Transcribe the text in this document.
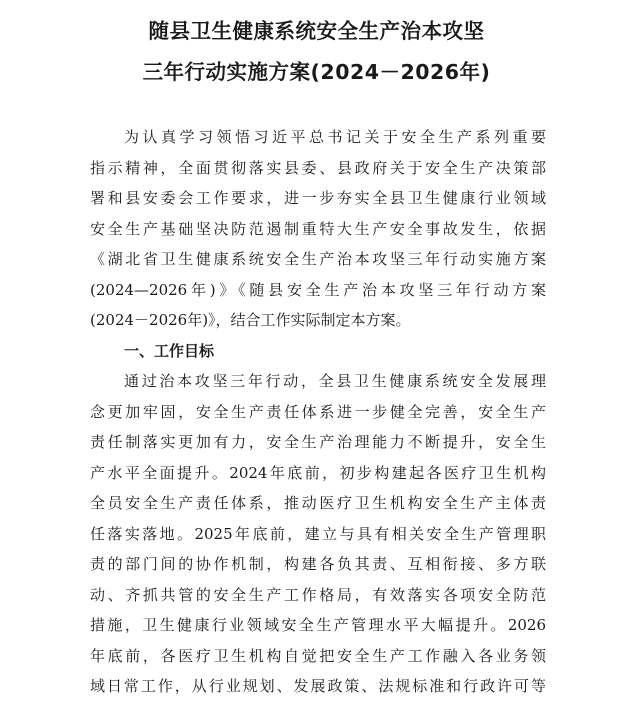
随县卫生健康系统安全生产治本攻坚
三年行动实施方案(2024－2026年)
为认真学习领悟习近平总书记关于安全生产系列重要
指示精神，全面贯彻落实县委、县政府关于安全生产决策部
署和县安委会工作要求，进一步夯实全县卫生健康行业领域
安全生产基础坚决防范遏制重特大生产安全事故发生，依据
《湖北省卫生健康系统安全生产治本攻坚三年行动实施方案
(2024—2026年)》《随县安全生产治本攻坚三年行动方案
(2024－2026年)》，结合工作实际制定本方案。
一、工作目标
通过治本攻坚三年行动，全县卫生健康系统安全发展理
念更加牢固，安全生产责任体系进一步健全完善，安全生产
责任制落实更加有力，安全生产治理能力不断提升，安全生
产水平全面提升。2024年底前，初步构建起各医疗卫生机构
全员安全生产责任体系，推动医疗卫生机构安全生产主体责
任落实落地。2025年底前，建立与具有相关安全生产管理职
责的部门间的协作机制，构建各负其责、互相衔接、多方联
动、齐抓共管的安全生产工作格局，有效落实各项安全防范
措施，卫生健康行业领域安全生产管理水平大幅提升。2026
年底前，各医疗卫生机构自觉把安全生产工作融入各业务领
域日常工作，从行业规划、发展政策、法规标准和行政许可等
